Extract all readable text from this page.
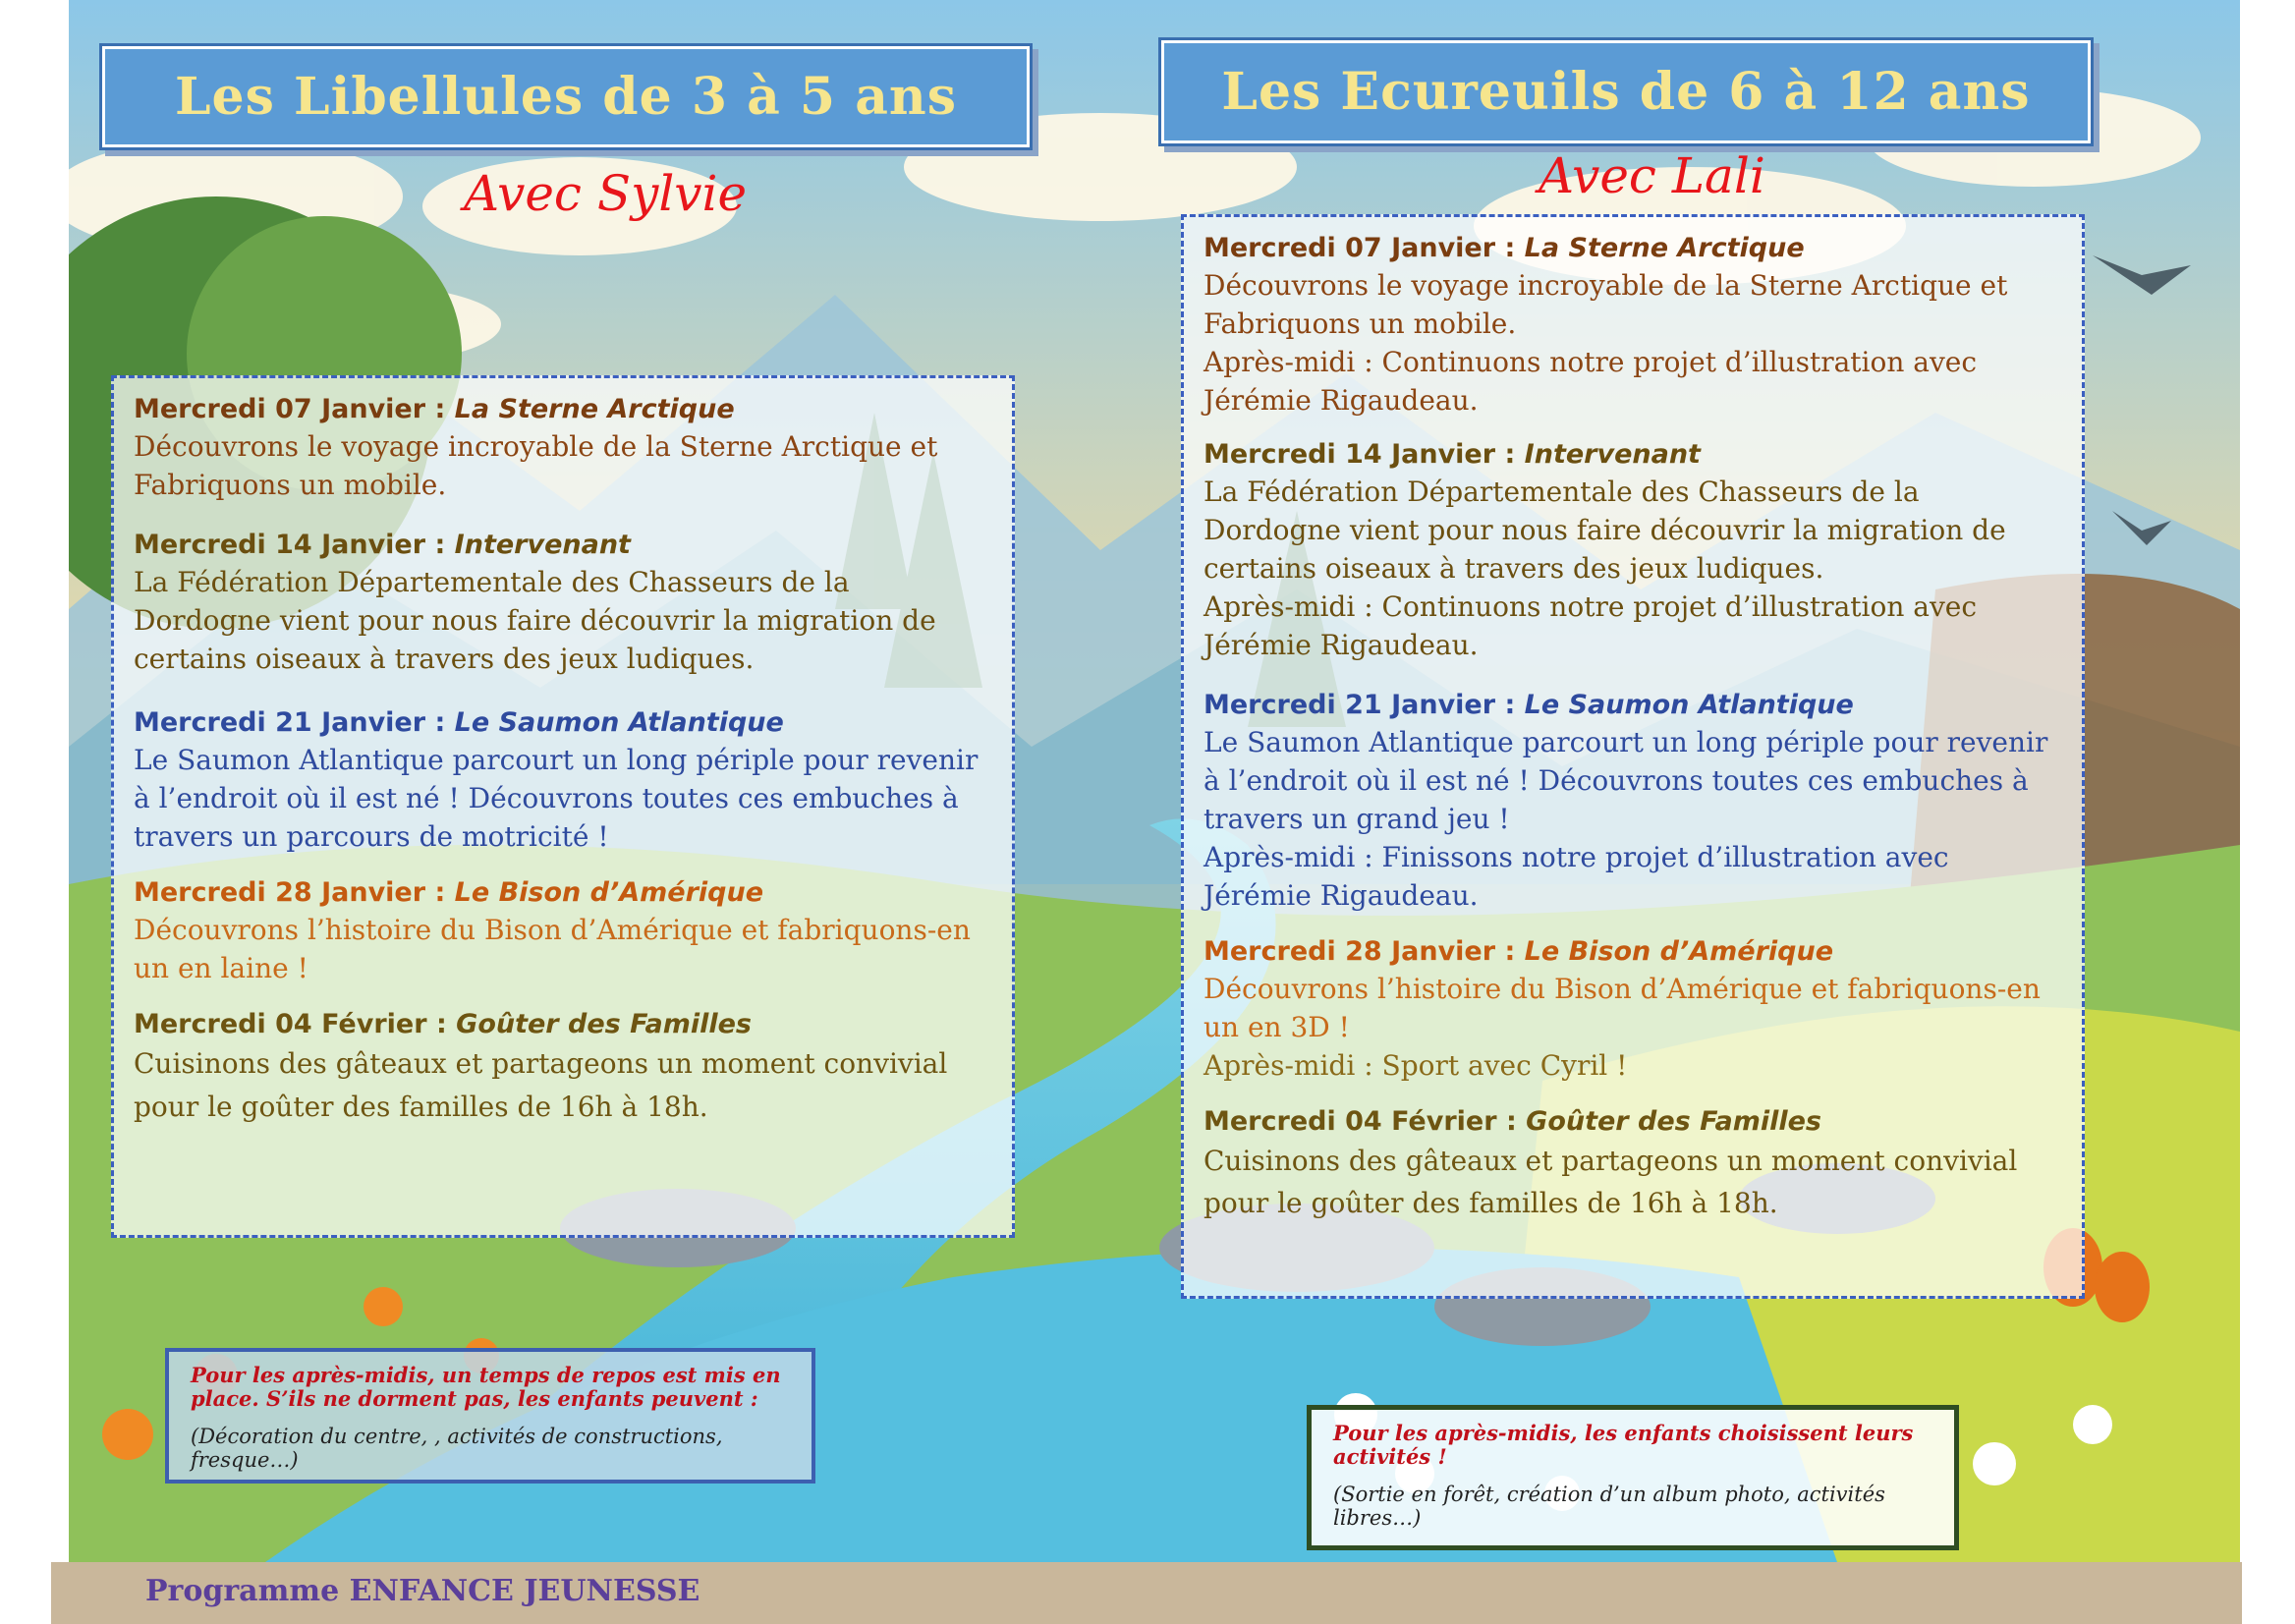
Les Libellules de 3 à 5 ans
Avec Sylvie
Les Ecureuils de 6 à 12 ans
Avec Lali
Mercredi 07 Janvier : La Sterne Arctique
Découvrons le voyage incroyable de la Sterne Arctique et Fabriquons un mobile.
Mercredi 14 Janvier : Intervenant
La Fédération Départementale des Chasseurs de la Dordogne vient pour nous faire découvrir la migration de certains oiseaux à travers des jeux ludiques.
Mercredi 21 Janvier : Le Saumon Atlantique
Le Saumon Atlantique parcourt un long périple pour revenir à l’endroit où il est né ! Découvrons toutes ces embuches à travers un parcours de motricité !
Mercredi 28 Janvier : Le Bison d’Amérique
Découvrons l’histoire du Bison d’Amérique et fabriquons-en un en laine !
Mercredi 04 Février : Goûter des Familles
Cuisinons des gâteaux et partageons un moment convivial pour le goûter des familles de 16h à 18h.
Mercredi 07 Janvier : La Sterne Arctique
Découvrons le voyage incroyable de la Sterne Arctique et Fabriquons un mobile.
Après-midi : Continuons notre projet d’illustration avec Jérémie Rigaudeau.
Mercredi 14 Janvier : Intervenant
La Fédération Départementale des Chasseurs de la Dordogne vient pour nous faire découvrir la migration de certains oiseaux à travers des jeux ludiques.
Après-midi : Continuons notre projet d’illustration avec Jérémie Rigaudeau.
Mercredi 21 Janvier : Le Saumon Atlantique
Le Saumon Atlantique parcourt un long périple pour revenir à l’endroit où il est né ! Découvrons toutes ces embuches à travers un grand jeu !
Après-midi : Finissons notre projet d’illustration avec Jérémie Rigaudeau.
Mercredi 28 Janvier : Le Bison d’Amérique
Découvrons l’histoire du Bison d’Amérique et fabriquons-en un en 3D !
Après-midi : Sport avec Cyril !
Mercredi 04 Février : Goûter des Familles
Cuisinons des gâteaux et partageons un moment convivial pour le goûter des familles de 16h à 18h.
Pour les après-midis, un temps de repos est mis en place. S’ils ne dorment pas, les enfants peuvent :
(Décoration du centre, , activités de constructions, fresque…)
Pour les après-midis, les enfants choisissent leurs activités !
(Sortie en forêt, création d’un album photo, activités libres…)
Programme ENFANCE JEUNESSE
